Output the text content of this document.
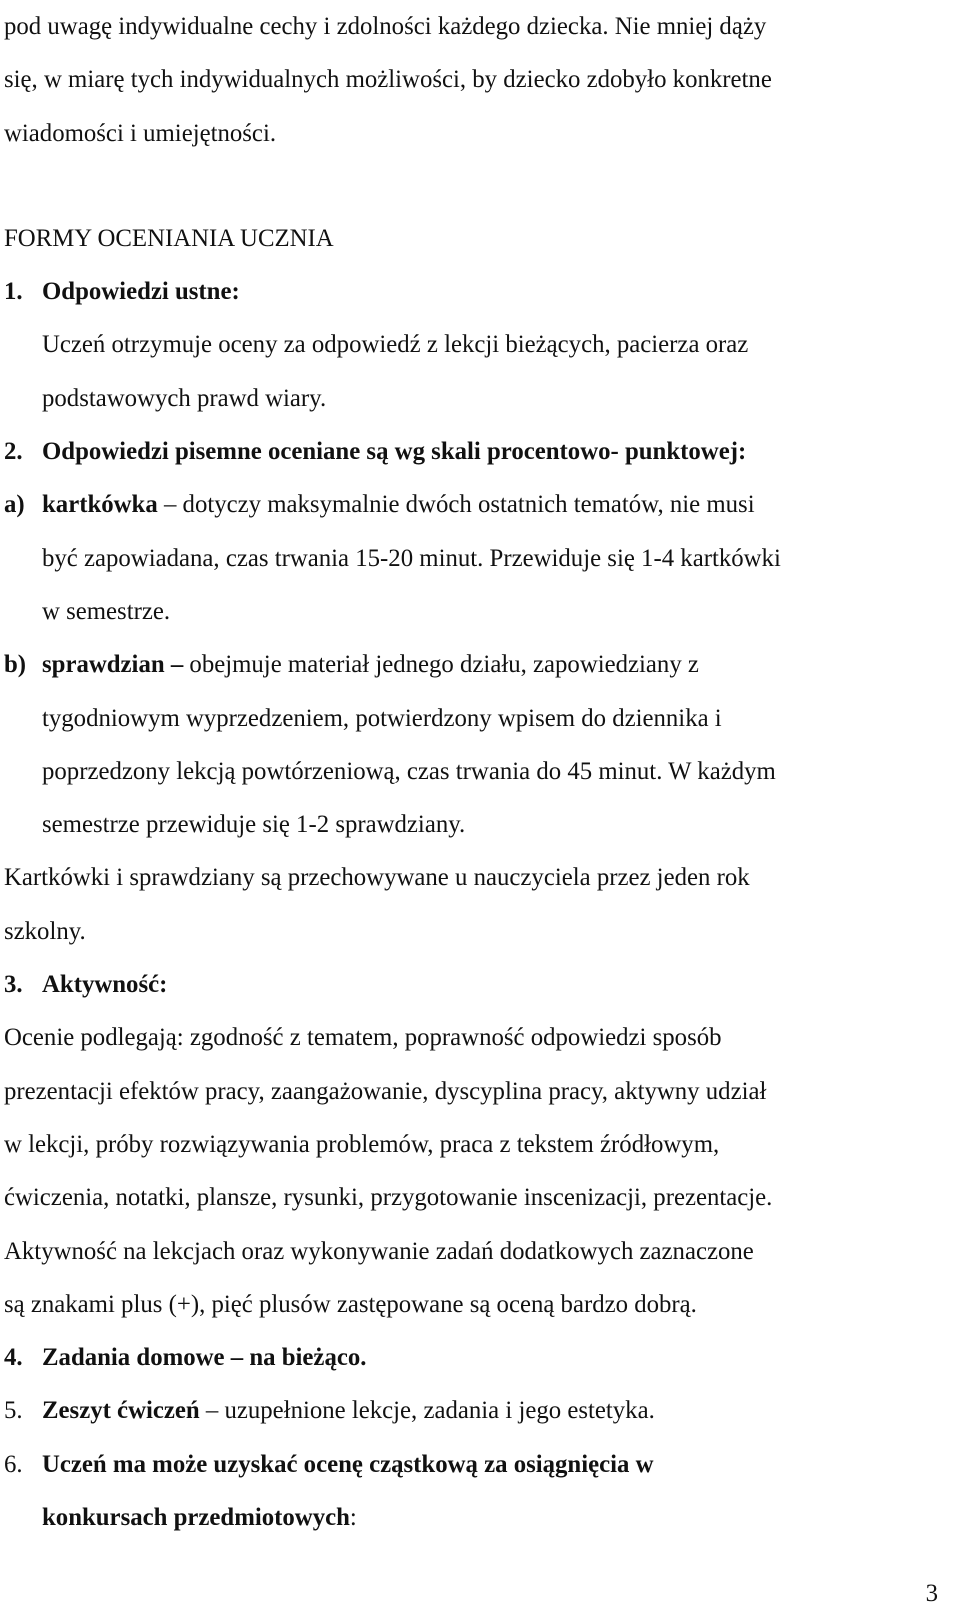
pod uwagę indywidualne cechy i zdolności każdego dziecka. Nie mniej dąży
się, w miarę tych indywidualnych możliwości, by dziecko zdobyło konkretne
wiadomości i umiejętności.
FORMY OCENIANIA UCZNIA
1. Odpowiedzi ustne:
Uczeń otrzymuje oceny za odpowiedź z lekcji bieżących, pacierza oraz
podstawowych prawd wiary.
2. Odpowiedzi pisemne oceniane są wg skali procentowo- punktowej:
a) kartkówka – dotyczy maksymalnie dwóch ostatnich tematów, nie musi
być zapowiadana, czas trwania 15-20 minut. Przewiduje się 1-4 kartkówki
w semestrze.
b) sprawdzian – obejmuje materiał jednego działu, zapowiedziany z
tygodniowym wyprzedzeniem, potwierdzony wpisem do dziennika i
poprzedzony lekcją powtórzeniową, czas trwania do 45 minut. W każdym
semestrze przewiduje się 1-2 sprawdziany.
Kartkówki i sprawdziany są przechowywane u nauczyciela przez jeden rok
szkolny.
3. Aktywność:
Ocenie podlegają: zgodność z tematem, poprawność odpowiedzi sposób
prezentacji efektów pracy, zaangażowanie, dyscyplina pracy, aktywny udział
w lekcji, próby rozwiązywania problemów, praca z tekstem źródłowym,
ćwiczenia, notatki, plansze, rysunki, przygotowanie inscenizacji, prezentacje.
Aktywność na lekcjach oraz wykonywanie zadań dodatkowych zaznaczone
są znakami plus (+), pięć plusów zastępowane są oceną bardzo dobrą.
4. Zadania domowe – na bieżąco.
5. Zeszyt ćwiczeń – uzupełnione lekcje, zadania i jego estetyka.
6. Uczeń ma może uzyskać ocenę cząstkową za osiągnięcia w
konkursach przedmiotowych:
3
